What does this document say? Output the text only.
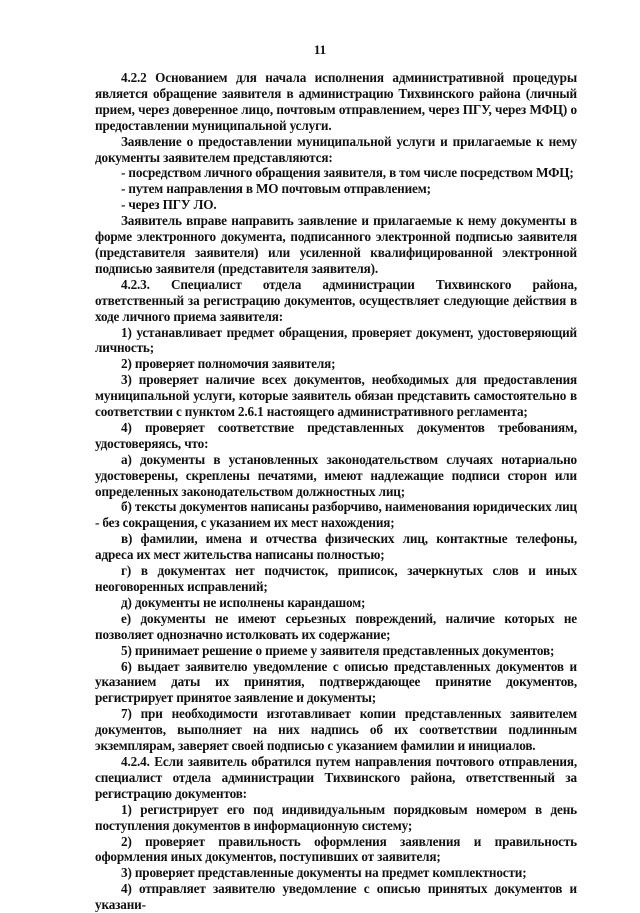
11

4.2.2 Основанием для начала исполнения административной процедуры является обращение заявителя в администрацию Тихвинского района (личный прием, через доверенное лицо, почтовым отправлением, через ПГУ, через МФЦ) о предоставлении муниципальной услуги.

Заявление о предоставлении муниципальной услуги и прилагаемые к нему документы заявителем представляются:

- посредством личного обращения заявителя, в том числе посредством МФЦ;

- путем направления в МО почтовым отправлением;

- через ПГУ ЛО.

Заявитель вправе направить заявление и прилагаемые к нему документы в форме электронного документа, подписанного электронной подписью заявителя (представителя заявителя) или усиленной квалифицированной электронной подписью заявителя (представителя заявителя).

4.2.3. Специалист отдела администрации Тихвинского района, ответственный за регистрацию документов, осуществляет следующие действия в ходе личного приема заявителя:

1) устанавливает предмет обращения, проверяет документ, удостоверяющий личность;

2) проверяет полномочия заявителя;

3) проверяет наличие всех документов, необходимых для предоставления муниципальной услуги, которые заявитель обязан представить самостоятельно в соответствии с пунктом 2.6.1 настоящего административного регламента;

4) проверяет соответствие представленных документов требованиям, удостоверяясь, что:

а) документы в установленных законодательством случаях нотариально удостоверены, скреплены печатями, имеют надлежащие подписи сторон или определенных законодательством должностных лиц;

б) тексты документов написаны разборчиво, наименования юридических лиц - без сокращения, с указанием их мест нахождения;

в) фамилии, имена и отчества физических лиц, контактные телефоны, адреса их мест жительства написаны полностью;

г) в документах нет подчисток, приписок, зачеркнутых слов и иных неоговоренных исправлений;

д) документы не исполнены карандашом;

е) документы не имеют серьезных повреждений, наличие которых не позволяет однозначно истолковать их содержание;

5) принимает решение о приеме у заявителя представленных документов;

6) выдает заявителю уведомление с описью представленных документов и указанием даты их принятия, подтверждающее принятие документов, регистрирует принятое заявление и документы;

7) при необходимости изготавливает копии представленных заявителем документов, выполняет на них надпись об их соответствии подлинным экземплярам, заверяет своей подписью с указанием фамилии и инициалов.

4.2.4. Если заявитель обратился путем направления почтового отправления, специалист отдела администрации Тихвинского района, ответственный за регистрацию документов:

1) регистрирует его под индивидуальным порядковым номером в день поступления документов в информационную систему;

2) проверяет правильность оформления заявления и правильность оформления иных документов, поступивших от заявителя;

3) проверяет представленные документы на предмет комплектности;

4) отправляет заявителю уведомление с описью принятых документов и указани-
